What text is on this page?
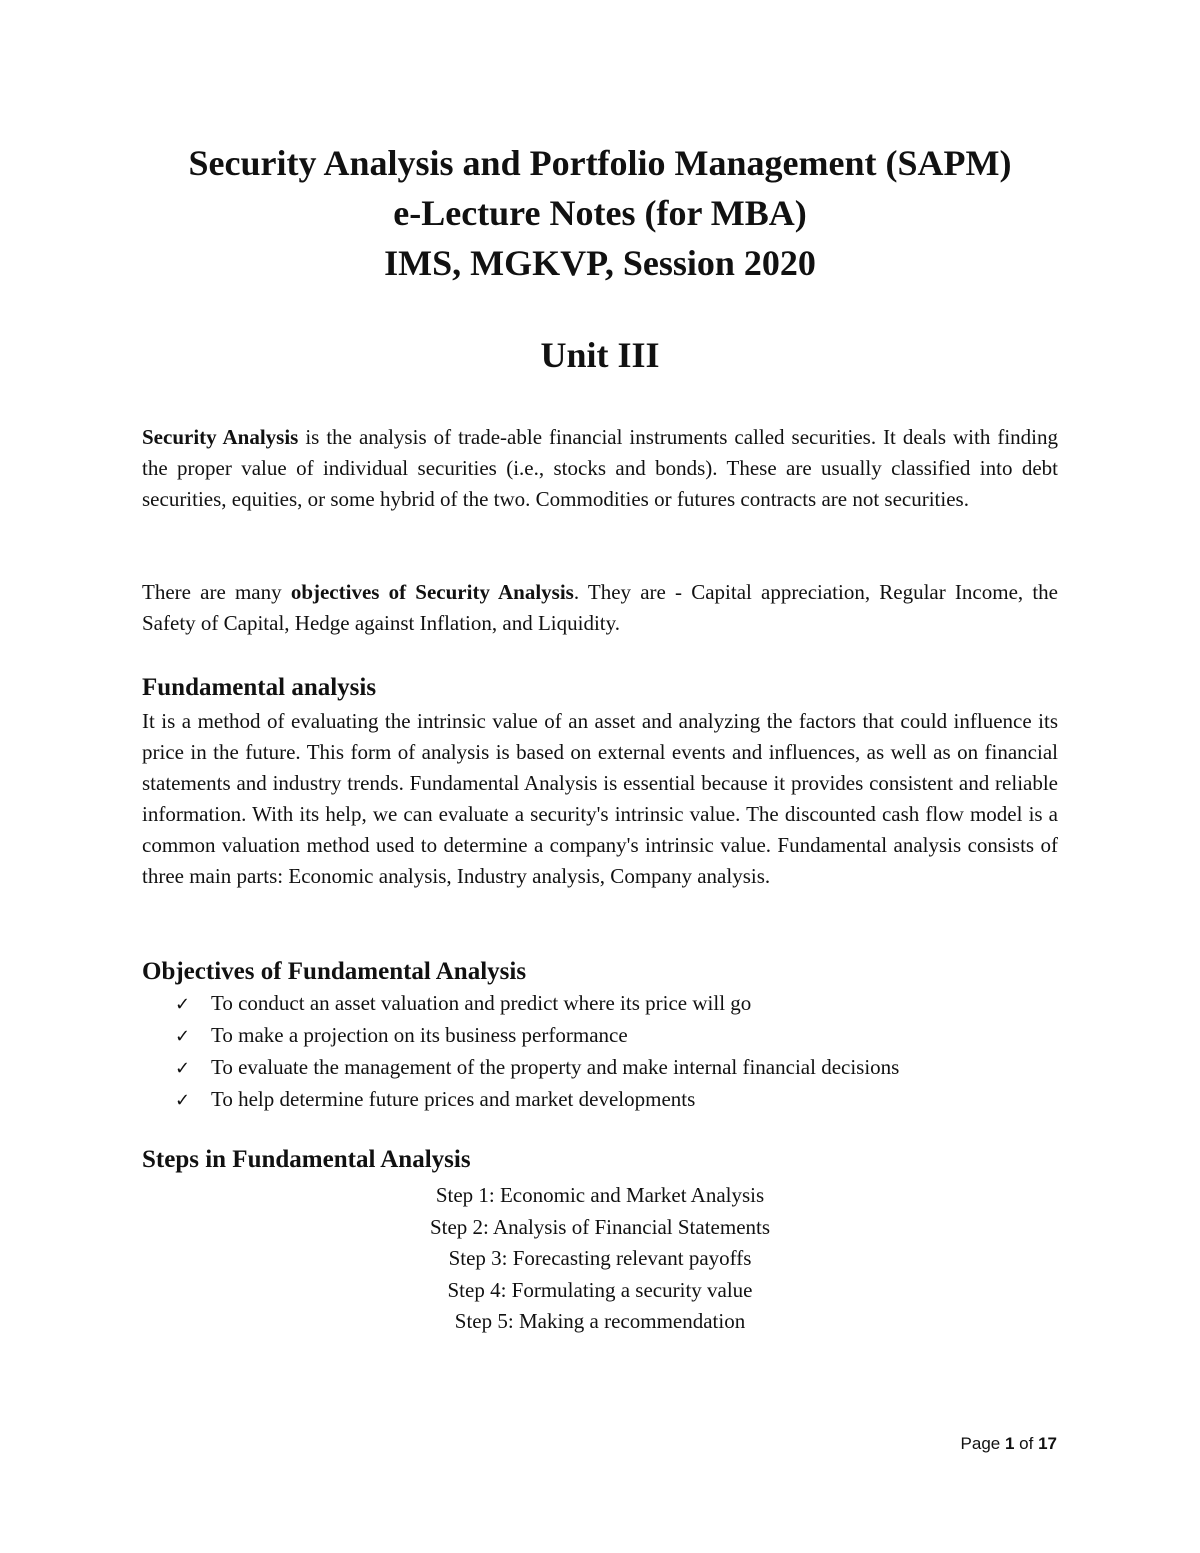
Security Analysis and Portfolio Management (SAPM)

e-Lecture Notes (for MBA)

IMS, MGKVP, Session 2020

Unit III

Security Analysis is the analysis of trade-able financial instruments called securities. It deals with finding the proper value of individual securities (i.e., stocks and bonds). These are usually classified into debt securities, equities, or some hybrid of the two. Commodities or futures contracts are not securities.

There are many objectives of Security Analysis. They are - Capital appreciation, Regular Income, the Safety of Capital, Hedge against Inflation, and Liquidity.

Fundamental analysis

It is a method of evaluating the intrinsic value of an asset and analyzing the factors that could influence its price in the future. This form of analysis is based on external events and influences, as well as on financial statements and industry trends. Fundamental Analysis is essential because it provides consistent and reliable information. With its help, we can evaluate a security's intrinsic value. The discounted cash flow model is a common valuation method used to determine a company's intrinsic value. Fundamental analysis consists of three main parts: Economic analysis, Industry analysis, Company analysis.

Objectives of Fundamental Analysis
✓ To conduct an asset valuation and predict where its price will go
✓ To make a projection on its business performance
✓ To evaluate the management of the property and make internal financial decisions
✓ To help determine future prices and market developments
Steps in Fundamental Analysis
Step 1: Economic and Market Analysis
Step 2: Analysis of Financial Statements
Step 3: Forecasting relevant payoffs
Step 4: Formulating a security value
Step 5: Making a recommendation
Page 1 of 17
